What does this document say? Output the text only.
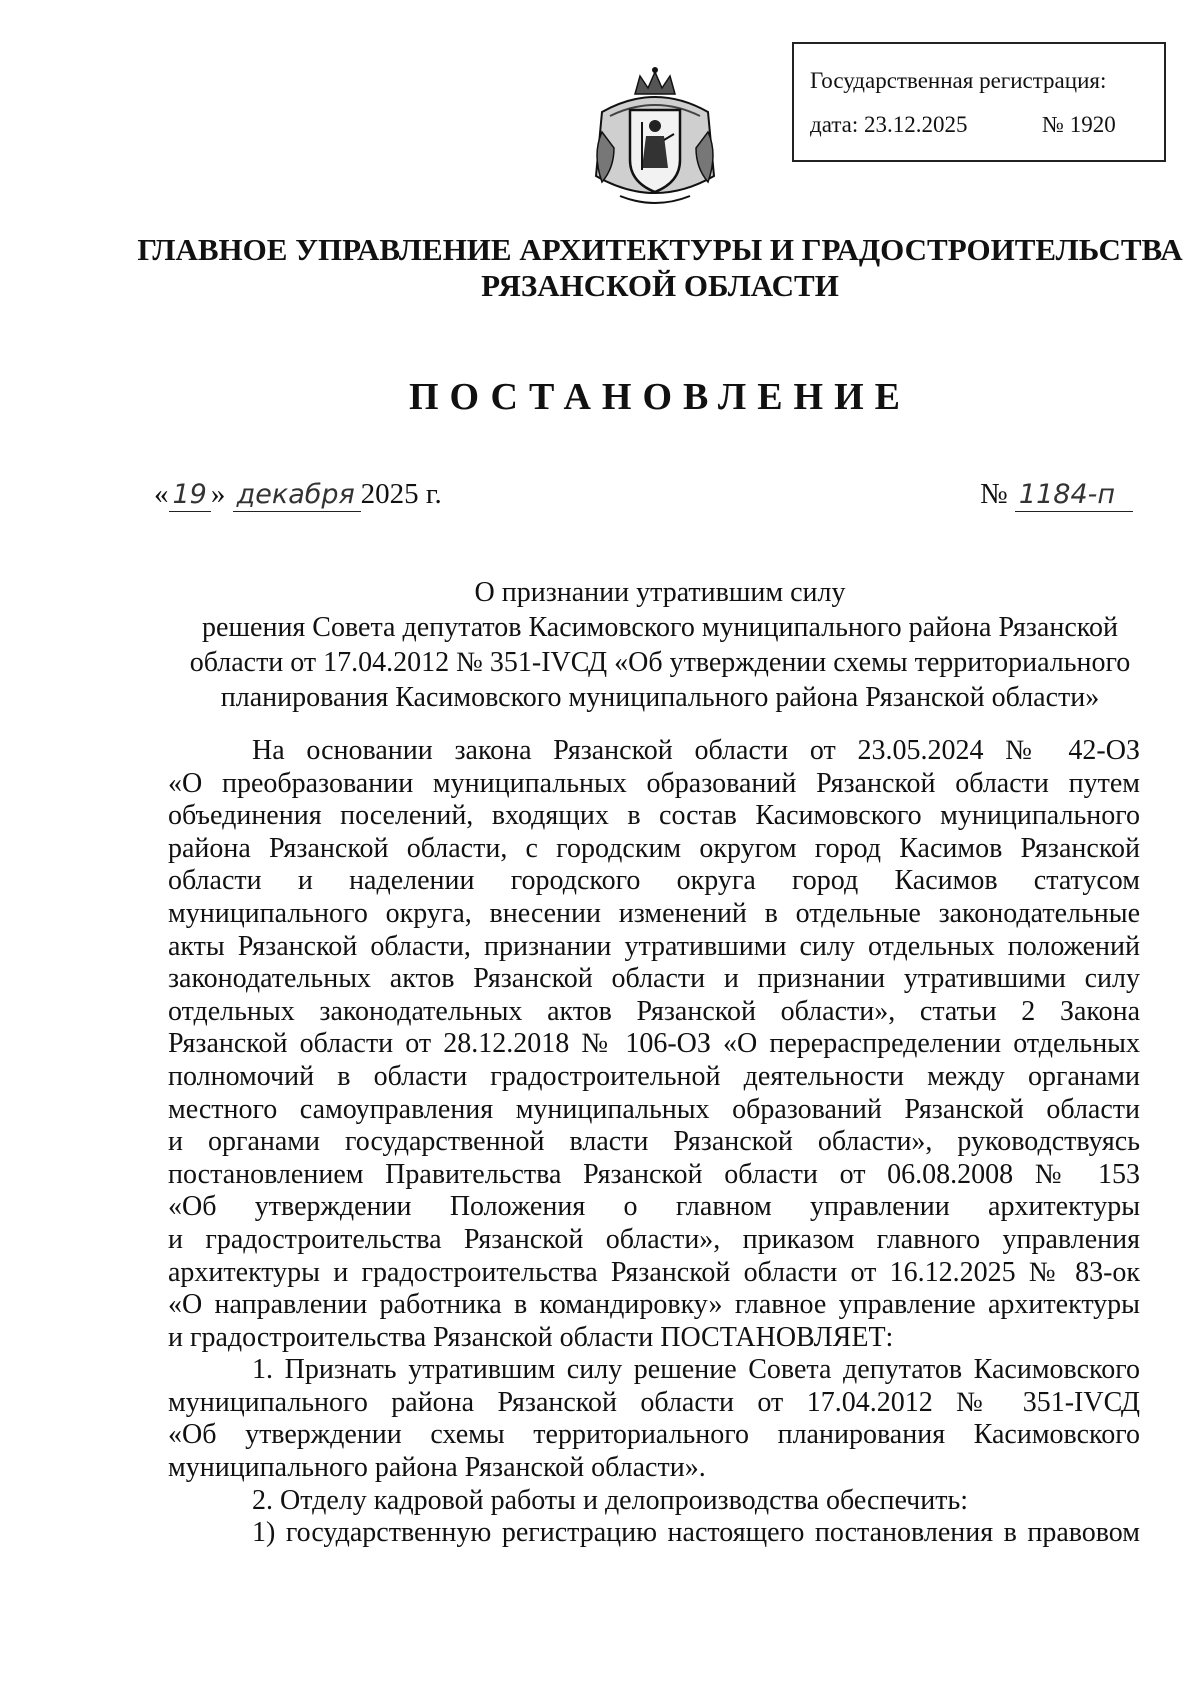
Государственная регистрация:
дата: 23.12.2025	№ 1920
ГЛАВНОЕ УПРАВЛЕНИЕ АРХИТЕКТУРЫ И ГРАДОСТРОИТЕЛЬСТВА
РЯЗАНСКОЙ ОБЛАСТИ
ПОСТАНОВЛЕНИЕ
« 19 » декабря 2025 г.	№ 1184-п
О признании утратившим силу
решения Совета депутатов Касимовского муниципального района Рязанской
области от 17.04.2012 № 351-IVСД «Об утверждении схемы территориального
планирования Касимовского муниципального района Рязанской области»
На основании закона Рязанской области от 23.05.2024 № 42-ОЗ
«О преобразовании муниципальных образований Рязанской области путем
объединения поселений, входящих в состав Касимовского муниципального
района Рязанской области, с городским округом город Касимов Рязанской
области и наделении городского округа город Касимов статусом
муниципального округа, внесении изменений в отдельные законодательные
акты Рязанской области, признании утратившими силу отдельных положений
законодательных актов Рязанской области и признании утратившими силу
отдельных законодательных актов Рязанской области», статьи 2 Закона
Рязанской области от 28.12.2018 № 106-ОЗ «О перераспределении отдельных
полномочий в области градостроительной деятельности между органами
местного самоуправления муниципальных образований Рязанской области
и органами государственной власти Рязанской области», руководствуясь
постановлением Правительства Рязанской области от 06.08.2008 № 153
«Об утверждении Положения о главном управлении архитектуры
и градостроительства Рязанской области», приказом главного управления
архитектуры и градостроительства Рязанской области от 16.12.2025 № 83-ок
«О направлении работника в командировку» главное управление архитектуры
и градостроительства Рязанской области ПОСТАНОВЛЯЕТ:
1. Признать утратившим силу решение Совета депутатов Касимовского
муниципального района Рязанской области от 17.04.2012 № 351-IVСД
«Об утверждении схемы территориального планирования Касимовского
муниципального района Рязанской области».
2. Отделу кадровой работы и делопроизводства обеспечить:
1) государственную регистрацию настоящего постановления в правовом
